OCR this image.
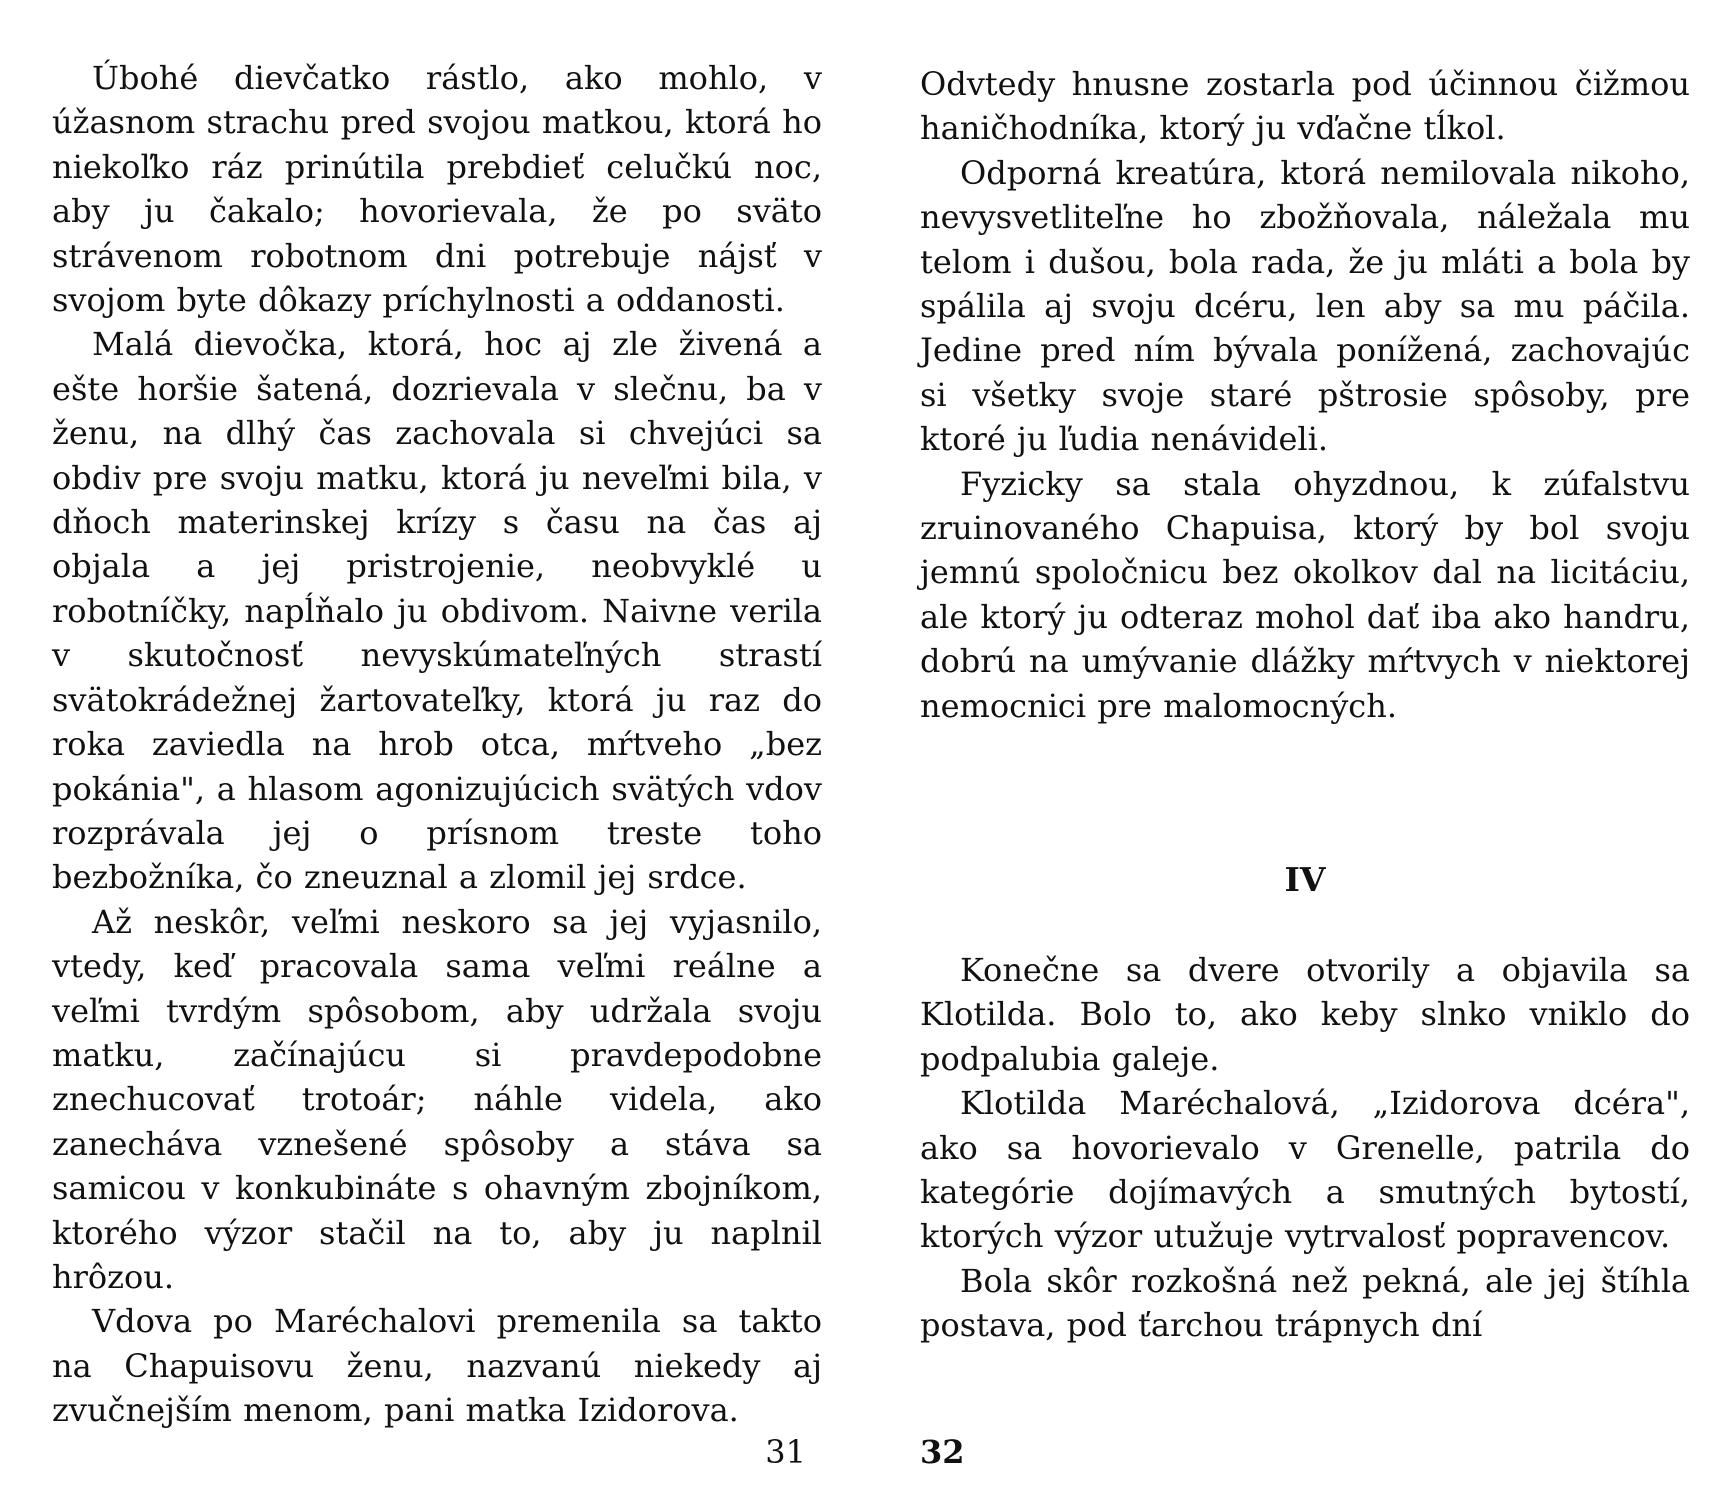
Úbohé dievčatko rástlo, ako mohlo, v úžasnom strachu pred svojou matkou, ktorá ho niekoľko ráz prinútila prebdieť celučkú noc, aby ju čakalo; hovorievala, že po sväto strávenom robotnom dni potrebuje nájsť v svojom byte dôkazy príchylnosti a oddanosti.

Malá dievočka, ktorá, hoc aj zle živená a ešte horšie šatená, dozrievala v slečnu, ba v ženu, na dlhý čas zachovala si chvejúci sa obdiv pre svoju matku, ktorá ju neveľmi bila, v dňoch materinskej krízy s času na čas aj objala a jej pristrojenie, neobvyklé u robotníčky, napĺňalo ju obdivom. Naivne verila v skutočnosť nevyskúmateľných strastí svätokrádežnej žartovateľky, ktorá ju raz do roka zaviedla na hrob otca, mŕtveho „bez pokánia", a hlasom agonizujúcich svätých vdov rozprávala jej o prísnom treste toho bezbožníka, čo zneuznal a zlomil jej srdce.

Až neskôr, veľmi neskoro sa jej vyjasnilo, vtedy, keď pracovala sama veľmi reálne a veľmi tvrdým spôsobom, aby udržala svoju matku, začínajúcu si pravdepodobne znechucovať trotoár; náhle videla, ako zanecháva vznešené spôsoby a stáva sa samicou v konkubináte s ohavným zbojníkom, ktorého výzor stačil na to, aby ju naplnil hrôzou.

Vdova po Maréchalovi premenila sa takto na Chapuisovu ženu, nazvanú niekedy aj zvučnejším menom, pani matka Izidorova.

31

Odvtedy hnusne zostarla pod účinnou čižmou haničhodníka, ktorý ju vďačne tĺkol.

Odporná kreatúra, ktorá nemilovala nikoho, nevysvetliteľne ho zbožňovala, náležala mu telom i dušou, bola rada, že ju mláti a bola by spálila aj svoju dcéru, len aby sa mu páčila. Jedine pred ním bývala ponížená, zachovajúc si všetky svoje staré pštrosie spôsoby, pre ktoré ju ľudia nenávideli.

Fyzicky sa stala ohyzdnou, k zúfalstvu zruinovaného Chapuisa, ktorý by bol svoju jemnú spoločnicu bez okolkov dal na licitáciu, ale ktorý ju odteraz mohol dať iba ako handru, dobrú na umývanie dlážky mŕtvych v niektorej nemocnici pre malomocných.

IV

Konečne sa dvere otvorily a objavila sa Klotilda. Bolo to, ako keby slnko vniklo do podpalubia galeje.

Klotilda Maréchalová, „Izidorova dcéra", ako sa hovorievalo v Grenelle, patrila do kategórie dojímavých a smutných bytostí, ktorých výzor utužuje vytrvalosť popravencov.

Bola skôr rozkošná než pekná, ale jej štíhla postava, pod ťarchou trápnych dní

32
